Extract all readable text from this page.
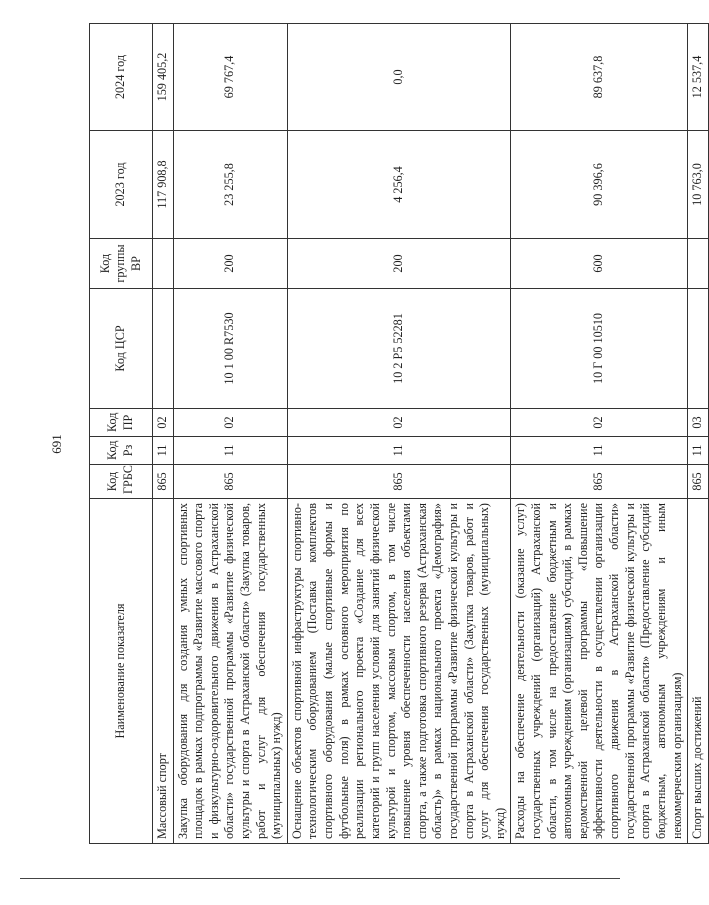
691
Наименование показателя	Код ГРБС	Код Рз	Код ПР	Код ЦСР	Код группы ВР	2023 год	2024 год
Массовый спорт	865	11	02			117 908,8	159 405,2
Закупка оборудования для создания умных спортивных площадок в рамках подпрограммы «Развитие массового спорта и физкультурно-оздоровительного движения в Астраханской области» государственной программы «Развитие физической культуры и спорта в Астраханской области» (Закупка товаров, работ и услуг для обеспечения государственных (муниципальных) нужд)	865	11	02	10 1 00 R7530	200	23 255,8	69 767,4
Оснащение объектов спортивной инфраструктуры спортивно-технологическим оборудованием (Поставка комплектов спортивного оборудования (малые спортивные формы и футбольные поля) в рамках основного мероприятия по реализации регионального проекта «Создание для всех категорий и групп населения условий для занятий физической культурой и спортом, массовым спортом, в том числе повышение уровня обеспеченности населения объектами спорта, а также подготовка спортивного резерва (Астраханская область)» в рамках национального проекта «Демография» государственной программы «Развитие физической культуры и спорта в Астраханской области» (Закупка товаров, работ и услуг для обеспечения государственных (муниципальных) нужд)	865	11	02	10 2 P5 52281	200	4 256,4	0,0
Расходы на обеспечение деятельности (оказание услуг) государственных учреждений (организаций) Астраханской области, в том числе на предоставление бюджетным и автономным учреждениям (организациям) субсидий, в рамках ведомственной целевой программы «Повышение эффективности деятельности в осуществлении организации спортивного движения в Астраханской области» государственной программы «Развитие физической культуры и спорта в Астраханской области» (Предоставление субсидий бюджетным, автономным учреждениям и иным некоммерческим организациям)	865	11	02	10 Г 00 10510	600	90 396,6	89 637,8
Спорт высших достижений	865	11	03			10 763,0	12 537,4
